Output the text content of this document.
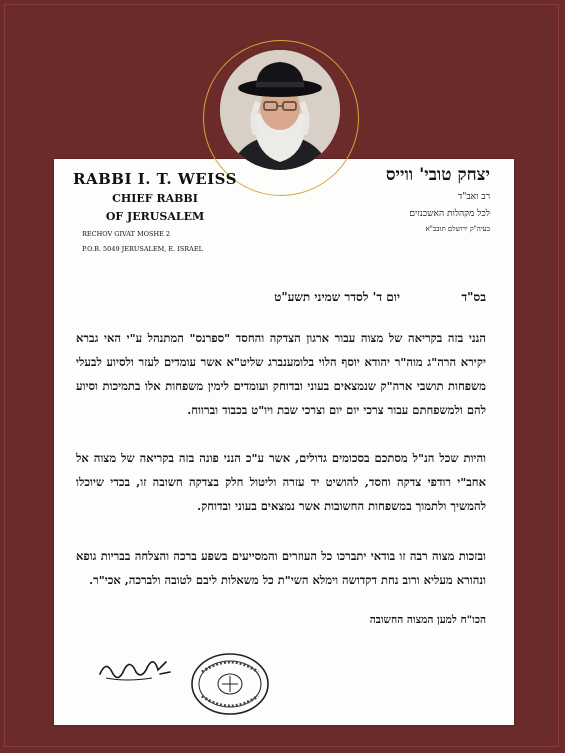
RABBI I. T. WEISS
CHIEF RABBI
OF JERUSALEM
RECHOV GIVAT MOSHE 2
P.O.B. 5049 JERUSALEM, E. ISRAEL
יצחק טובי' ווייס
רב ואב"ד
לכל מקהלות האשכנזים
בעיה"ק ירושלם תובב"א
בס"ד
יום ד' לסדר שמיני תשע"ט
הנני בזה בקריאה של מצוה עבור ארגון הצדקה והחסד "ספרנס" המתנהל ע"י האי גברא יקירא הרה"ג מוה"ר יהודא יוסף הלוי בלומענברג שליט"א אשר עומדים לעזר ולסיוע לבעלי משפחות תושבי ארה"ק שנמצאים בעוני ובדוחק ועומדים לימין משפחות אלו בתמיכות וסיוע להם ולמשפחתם עבור צרכי יום יום וצרכי שבת ויו"ט בכבוד וברווח.
והיות שכל הנ"ל מסתכם בסכומים גדולים, אשר ע"כ הנני פונה בזה בקריאה של מצוה אל אחב"י רודפי צדקה וחסד, להושיט יד עזרה וליטול חלק בצדקה חשובה זו, בכדי שיוכלו להמשיך ולתמוך במשפחות החשובות אשר נמצאים בעוני ובדוחק.
ובזכות מצוה רבה זו בודאי יתברכו כל העוזרים והמסייעים בשפע ברכה והצלחה בבריות גופא ונהורא מעליא ורוב נחת דקדושה וימלא השי"ת כל משאלות ליבם לטובה ולברכה, אכי"ר.
הכו"ח למען המצוה החשובה
